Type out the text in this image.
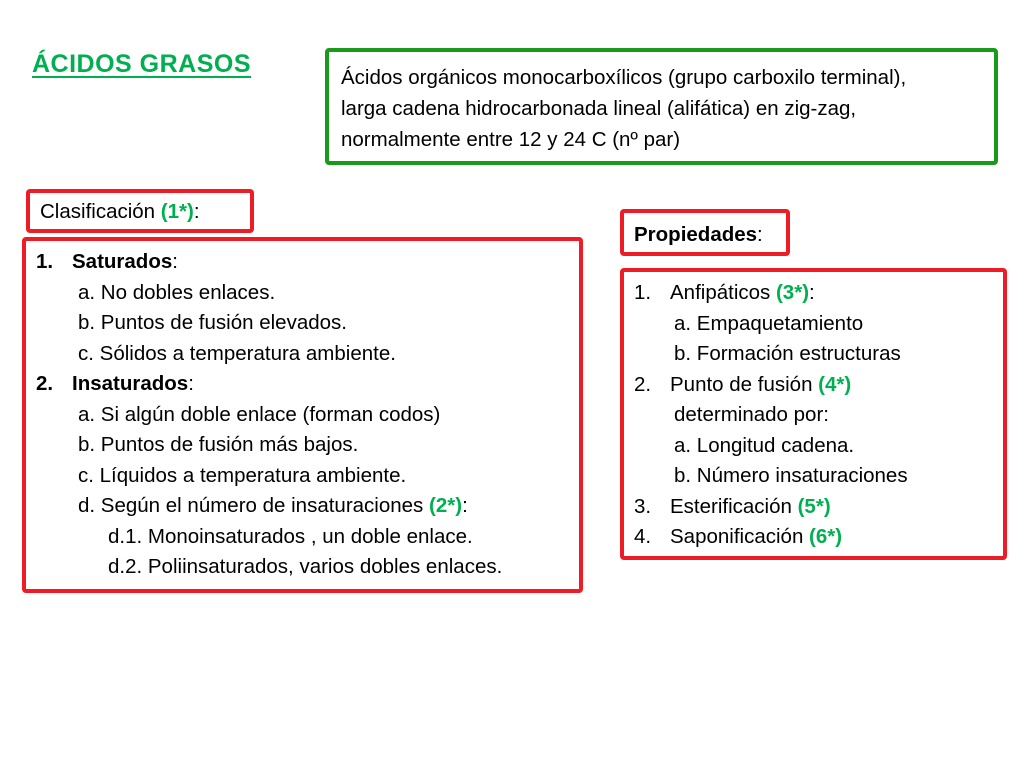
ÁCIDOS GRASOS	Ácidos orgánicos monocarboxílicos (grupo carboxilo terminal),
larga cadena hidrocarbonada lineal (alifática) en zig-zag,
normalmente entre 12 y 24 C (nº par)
Clasificación (1*):
Propiedades:
1. Saturados:
a. No dobles enlaces.
b. Puntos de fusión elevados.
c. Sólidos a temperatura ambiente.
2. Insaturados:
a. Si algún doble enlace (forman codos)
b. Puntos de fusión más bajos.
c. Líquidos a temperatura ambiente.
d. Según el número de insaturaciones (2*):
d.1. Monoinsaturados , un doble enlace.
d.2. Poliinsaturados, varios dobles enlaces.
1. Anfipáticos (3*):
a. Empaquetamiento
b. Formación estructuras
2. Punto de fusión (4*)
determinado por:
a. Longitud cadena.
b. Número insaturaciones
3. Esterificación (5*)
4. Saponificación (6*)
